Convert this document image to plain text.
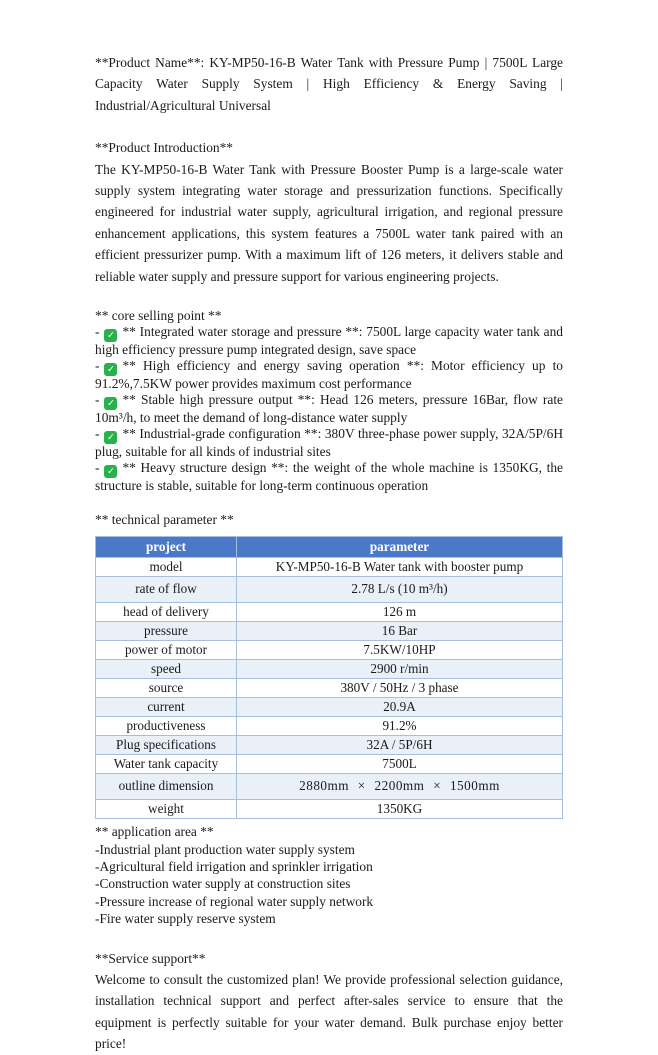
**Product Name**: KY-MP50-16-B Water Tank with Pressure Pump | 7500L Large Capacity Water Supply System | High Efficiency & Energy Saving | Industrial/Agricultural Universal
**Product Introduction**
The KY-MP50-16-B Water Tank with Pressure Booster Pump is a large-scale water supply system integrating water storage and pressurization functions. Specifically engineered for industrial water supply, agricultural irrigation, and regional pressure enhancement applications, this system features a 7500L water tank paired with an efficient pressurizer pump. With a maximum lift of 126 meters, it delivers stable and reliable water supply and pressure support for various engineering projects.
** core selling point **
- ✓ ** Integrated water storage and pressure **: 7500L large capacity water tank and high efficiency pressure pump integrated design, save space
- ✓ ** High efficiency and energy saving operation **: Motor efficiency up to 91.2%,7.5KW power provides maximum cost performance
- ✓ ** Stable high pressure output **: Head 126 meters, pressure 16Bar, flow rate 10m³/h, to meet the demand of long-distance water supply
- ✓ ** Industrial-grade configuration **: 380V three-phase power supply, 32A/5P/6H plug, suitable for all kinds of industrial sites
- ✓ ** Heavy structure design **: the weight of the whole machine is 1350KG, the structure is stable, suitable for long-term continuous operation
** technical parameter **
project	parameter
model	KY-MP50-16-B Water tank with booster pump
rate of flow	2.78 L/s (10 m³/h)
head of delivery	126 m
pressure	16 Bar
power of motor	7.5KW/10HP
speed	2900 r/min
source	380V / 50Hz / 3 phase
current	20.9A
productiveness	91.2%
Plug specifications	32A / 5P/6H
Water tank capacity	7500L
outline dimension	2880mm × 2200mm × 1500mm
weight	1350KG
** application area **
-Industrial plant production water supply system
-Agricultural field irrigation and sprinkler irrigation
-Construction water supply at construction sites
-Pressure increase of regional water supply network
-Fire water supply reserve system
**Service support**
Welcome to consult the customized plan! We provide professional selection guidance, installation technical support and perfect after-sales service to ensure that the equipment is perfectly suitable for your water demand. Bulk purchase enjoy better price!
